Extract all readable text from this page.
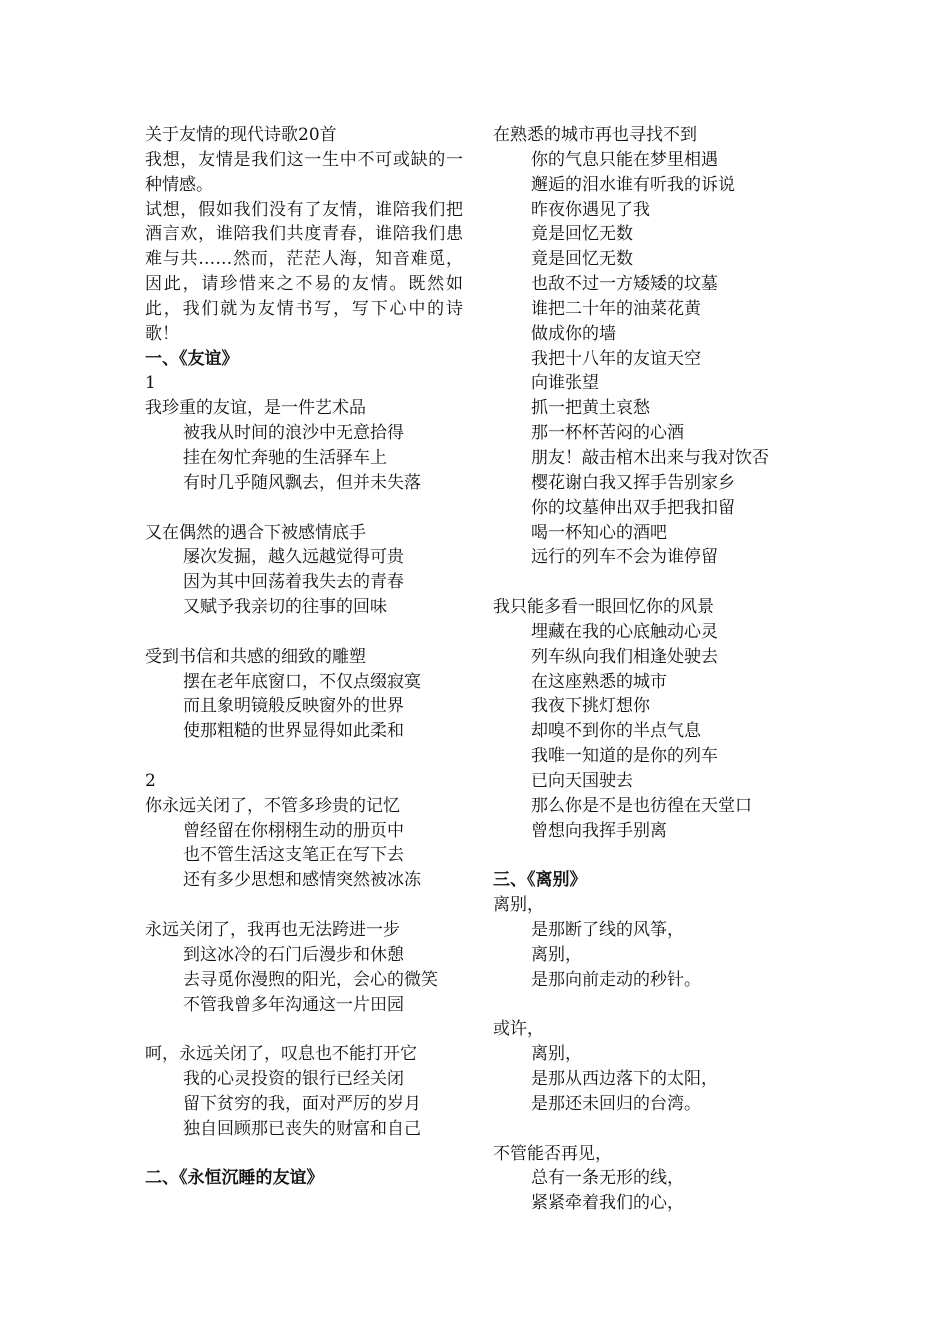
关于友情的现代诗歌20首
我想，友情是我们这一生中不可或缺的一种情感。
试想，假如我们没有了友情，谁陪我们把酒言欢，谁陪我们共度青春，谁陪我们患难与共……然而，茫茫人海，知音难觅，因此，请珍惜来之不易的友情。既然如此，我们就为友情书写，写下心中的诗歌！
一、《友谊》
1
我珍重的友谊，是一件艺术品
被我从时间的浪沙中无意拾得
挂在匆忙奔驰的生活驿车上
有时几乎随风飘去，但并未失落
又在偶然的遇合下被感情底手
屡次发掘，越久远越觉得可贵
因为其中回荡着我失去的青春
又赋予我亲切的往事的回味
受到书信和共感的细致的雕塑
摆在老年底窗口，不仅点缀寂寞
而且象明镜般反映窗外的世界
使那粗糙的世界显得如此柔和
2
你永远关闭了，不管多珍贵的记忆
曾经留在你栩栩生动的册页中
也不管生活这支笔正在写下去
还有多少思想和感情突然被冰冻
永远关闭了，我再也无法跨进一步
到这冰冷的石门后漫步和休憩
去寻觅你漫煦的阳光，会心的微笑
不管我曾多年沟通这一片田园
呵，永远关闭了，叹息也不能打开它
我的心灵投资的银行已经关闭
留下贫穷的我，面对严厉的岁月
独自回顾那已丧失的财富和自己
二、《永恒沉睡的友谊》
在熟悉的城市再也寻找不到
你的气息只能在梦里相遇
邂逅的泪水谁有听我的诉说
昨夜你遇见了我
竟是回忆无数
竟是回忆无数
也敌不过一方矮矮的坟墓
谁把二十年的油菜花黄
做成你的墙
我把十八年的友谊天空
向谁张望
抓一把黄土哀愁
那一杯杯苦闷的心酒
朋友！敲击棺木出来与我对饮否
樱花谢白我又挥手告别家乡
你的坟墓伸出双手把我扣留
喝一杯知心的酒吧
远行的列车不会为谁停留
我只能多看一眼回忆你的风景
埋藏在我的心底触动心灵
列车纵向我们相逢处驶去
在这座熟悉的城市
我夜下挑灯想你
却嗅不到你的半点气息
我唯一知道的是你的列车
已向天国驶去
那么你是不是也彷徨在天堂口
曾想向我挥手别离
三、《离别》
离别，
是那断了线的风筝，
离别，
是那向前走动的秒针。
或许，
离别，
是那从西边落下的太阳，
是那还未回归的台湾。
不管能否再见，
总有一条无形的线，
紧紧牵着我们的心，
